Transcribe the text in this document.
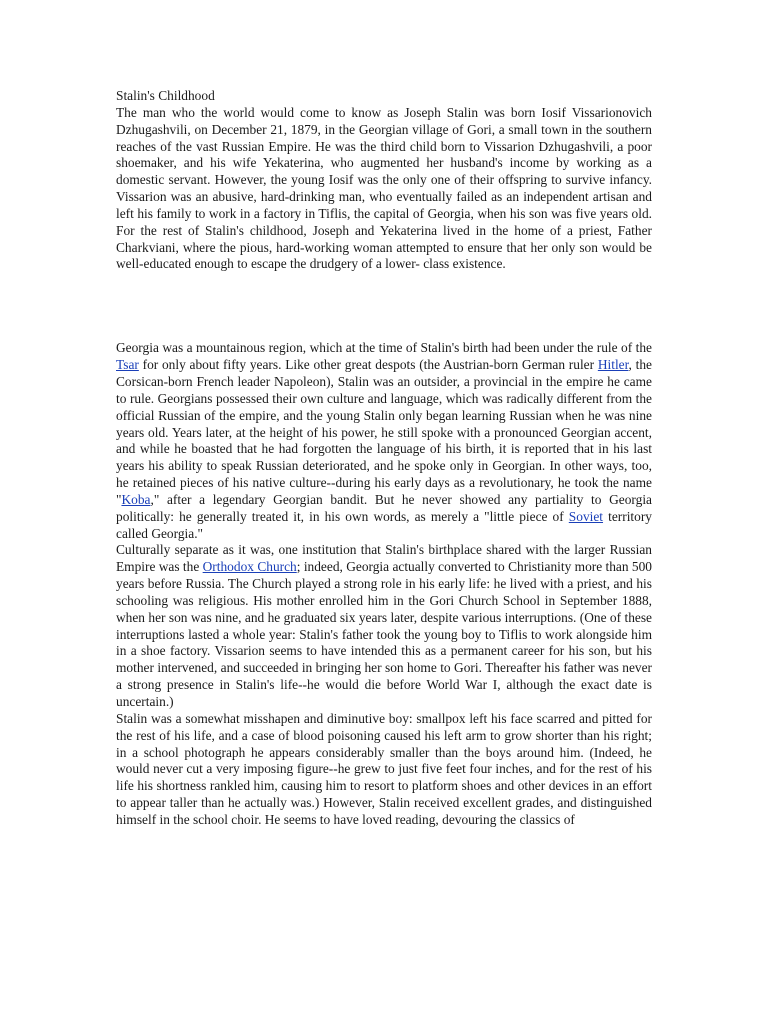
Stalin's Childhood

The man who the world would come to know as Joseph Stalin was born Iosif Vissarionovich Dzhugashvili, on December 21, 1879, in the Georgian village of Gori, a small town in the southern reaches of the vast Russian Empire. He was the third child born to Vissarion Dzhugashvili, a poor shoemaker, and his wife Yekaterina, who augmented her husband's income by working as a domestic servant. However, the young Iosif was the only one of their offspring to survive infancy. Vissarion was an abusive, hard-drinking man, who eventually failed as an independent artisan and left his family to work in a factory in Tiflis, the capital of Georgia, when his son was five years old. For the rest of Stalin's childhood, Joseph and Yekaterina lived in the home of a priest, Father Charkviani, where the pious, hard-working woman attempted to ensure that her only son would be well-educated enough to escape the drudgery of a lower- class existence.

Georgia was a mountainous region, which at the time of Stalin's birth had been under the rule of the Tsar for only about fifty years. Like other great despots (the Austrian-born German ruler Hitler, the Corsican-born French leader Napoleon), Stalin was an outsider, a provincial in the empire he came to rule. Georgians possessed their own culture and language, which was radically different from the official Russian of the empire, and the young Stalin only began learning Russian when he was nine years old. Years later, at the height of his power, he still spoke with a pronounced Georgian accent, and while he boasted that he had forgotten the language of his birth, it is reported that in his last years his ability to speak Russian deteriorated, and he spoke only in Georgian. In other ways, too, he retained pieces of his native culture--during his early days as a revolutionary, he took the name "Koba," after a legendary Georgian bandit. But he never showed any partiality to Georgia politically: he generally treated it, in his own words, as merely a "little piece of Soviet territory called Georgia."

Culturally separate as it was, one institution that Stalin's birthplace shared with the larger Russian Empire was the Orthodox Church; indeed, Georgia actually converted to Christianity more than 500 years before Russia. The Church played a strong role in his early life: he lived with a priest, and his schooling was religious. His mother enrolled him in the Gori Church School in September 1888, when her son was nine, and he graduated six years later, despite various interruptions. (One of these interruptions lasted a whole year: Stalin's father took the young boy to Tiflis to work alongside him in a shoe factory. Vissarion seems to have intended this as a permanent career for his son, but his mother intervened, and succeeded in bringing her son home to Gori. Thereafter his father was never a strong presence in Stalin's life--he would die before World War I, although the exact date is uncertain.)

Stalin was a somewhat misshapen and diminutive boy: smallpox left his face scarred and pitted for the rest of his life, and a case of blood poisoning caused his left arm to grow shorter than his right; in a school photograph he appears considerably smaller than the boys around him. (Indeed, he would never cut a very imposing figure--he grew to just five feet four inches, and for the rest of his life his shortness rankled him, causing him to resort to platform shoes and other devices in an effort to appear taller than he actually was.) However, Stalin received excellent grades, and distinguished himself in the school choir. He seems to have loved reading, devouring the classics of
